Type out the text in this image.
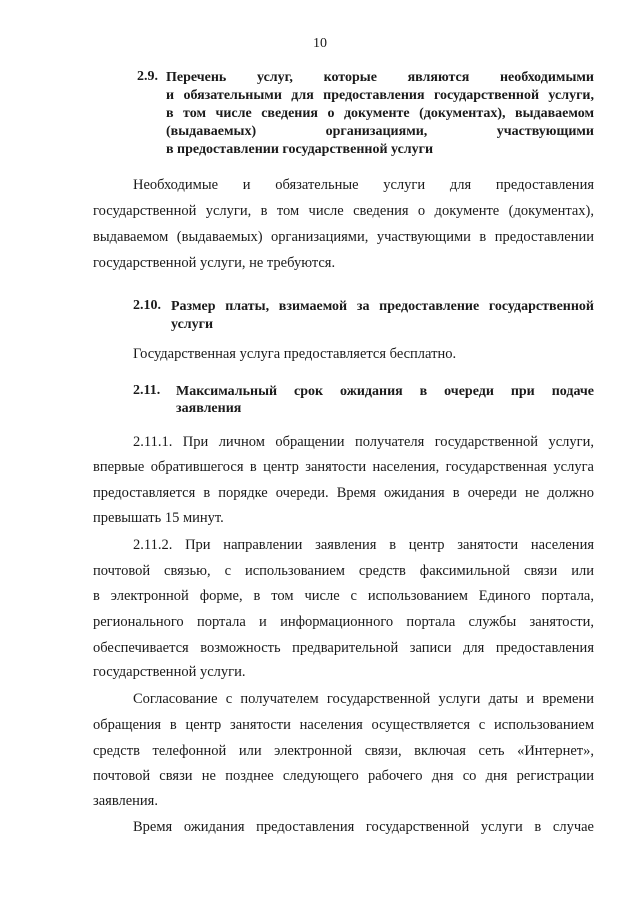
10
2.9. Перечень услуг, которые являются необходимыми
и обязательными для предоставления государственной услуги,
в том числе сведения о документе (документах), выдаваемом
(выдаваемых) организациями, участвующими
в предоставлении государственной услуги
Необходимые и обязательные услуги для предоставления
государственной услуги, в том числе сведения о документе (документах),
выдаваемом (выдаваемых) организациями, участвующими в предоставлении
государственной услуги, не требуются.
2.10. Размер платы, взимаемой за предоставление государственной
услуги
Государственная услуга предоставляется бесплатно.
2.11. Максимальный срок ожидания в очереди при подаче
заявления
2.11.1. При личном обращении получателя государственной услуги,
впервые обратившегося в центр занятости населения, государственная услуга
предоставляется в порядке очереди. Время ожидания в очереди не должно
превышать 15 минут.
2.11.2. При направлении заявления в центр занятости населения
почтовой связью, с использованием средств факсимильной связи или
в электронной форме, в том числе с использованием Единого портала,
регионального портала и информационного портала службы занятости,
обеспечивается возможность предварительной записи для предоставления
государственной услуги.
Согласование с получателем государственной услуги даты и времени
обращения в центр занятости населения осуществляется с использованием
средств телефонной или электронной связи, включая сеть «Интернет»,
почтовой связи не позднее следующего рабочего дня со дня регистрации
заявления.
Время ожидания предоставления государственной услуги в случае
